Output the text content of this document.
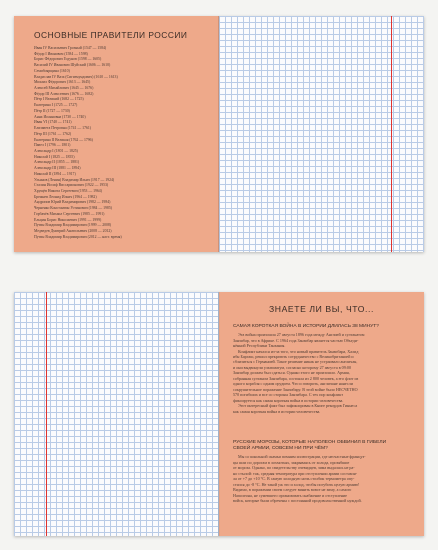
ОСНОВНЫЕ ПРАВИТЕЛИ РОССИИ
Иван IV Васильевич Грозный (1547 — 1584)
Фёдор I Иванович (1584 — 1598)
Борис Фёдорович Годунов (1598 — 1605)
Василий IV Иванович Шуйский (1606 — 1610)
Семибоярщина (1610)
Владислав IV Ваза (Сигизмундович) (1610 — 1613)
Михаил Фёдорович (1613 — 1645)
Алексей Михайлович (1645 — 1676)
Фёдор III Алексеевич (1676 — 1682)
Пётр I Великий (1682 — 1725)
Екатерина I (1725 — 1727)
Пётр II (1727 — 1730)
Анна Иоанновна (1730 — 1740)
Иван VI (1740 — 1741)
Елизавета Петровна (1741 — 1761)
Пётр III (1761 — 1762)
Екатерина II Великая (1762 — 1796)
Павел I (1796 — 1801)
Александр I (1801 — 1825)
Николай I (1825 — 1855)
Александр II (1855 — 1881)
Александр III (1881 — 1894)
Николай II (1894 — 1917)
Ульянов (Ленин) Владимир Ильич (1917 — 1924)
Сталин Иосиф Виссарионович (1922 — 1953)
Хрущёв Никита Сергеевич (1953 — 1964)
Брежнев Леонид Ильич (1964 — 1982)
Андропов Юрий Владимирович (1982 — 1984)
Черненко Константин Устинович (1984 — 1985)
Горбачёв Михаил Сергеевич (1985 — 1991)
Ельцин Борис Николаевич (1991 — 1999)
Путин Владимир Владимирович (1999 — 2008)
Медведев Дмитрий Анатольевич (2008 — 2012)
Путин Владимир Владимирович (2012 — наст. время)
ЗНАЕТЕ ЛИ ВЫ, ЧТО...
САМАЯ КОРОТКАЯ ВОЙНА В ИСТОРИИ ДЛИЛАСЬ 38 МИНУТ?
Эта война произошла 27 августа 1896 года между Англией и султанатом
Занзибар, что в Африке. С 1964 года Занзибар является частью Объеди-
нённой Республики Танзания.
Конфликт начался из-за того, что новый правитель Занзибара, Халид
ибн Баргаш, решил прекратить сотрудничество с Великобританией и
сблизиться с Германией. Такое решение никак не устраивало англичан,
и они выдвинули ультиматум, согласно которому 27 августа в 09:00
Занзибар должен был сдаться. Однако этого не произошло. Армия,
собранная султаном Занзибара, состояла из 2 800 человек, а его флот из
одного корабля с одним орудием. Что и говорить, англичане нанесли
сокрушительное поражение Занзибару. В этой войне было НЕСЧЕТНО
570 погибших и все со стороны Занзибара. С тех пор конфликт
фиксируется как самая короткая война в истории человечества.
Этот интересный факт был зафиксирован в Книге рекордов Гиннеса
как самая короткая война в истории человечества.
РУССКИЕ МОРОЗЫ, КОТОРЫЕ НАПОЛЕОН ОБВИНИЛ В ГИБЕЛИ
СВОЕЙ АРМИИ, СОВСЕМ НИ ПРИ ЧЁМ?
Мы со школьной скамьи помним иллюстрации, где несчастные француз-
цы шли по дорогам в лохмотьях, закрываясь от холода, прозябшие
от мороза. Однако, по свидетельству очевидцев, зима выдалась не ра-
но стылой: так, средняя температура при отступлении армии составля-
ла от +7 до +10 °С. В самую холодную ночь столбик термометра опу-
стился до -8 °С. Не такой уж это и холод, чтобы погубить целую армию!
Видимо, в поражении своем следует винить вовсе не зиму, а самого
Наполеона, не сумевшего организовать снабжение и отступление
войск, которые были обречены с постоянной продовольственной нуждой.
